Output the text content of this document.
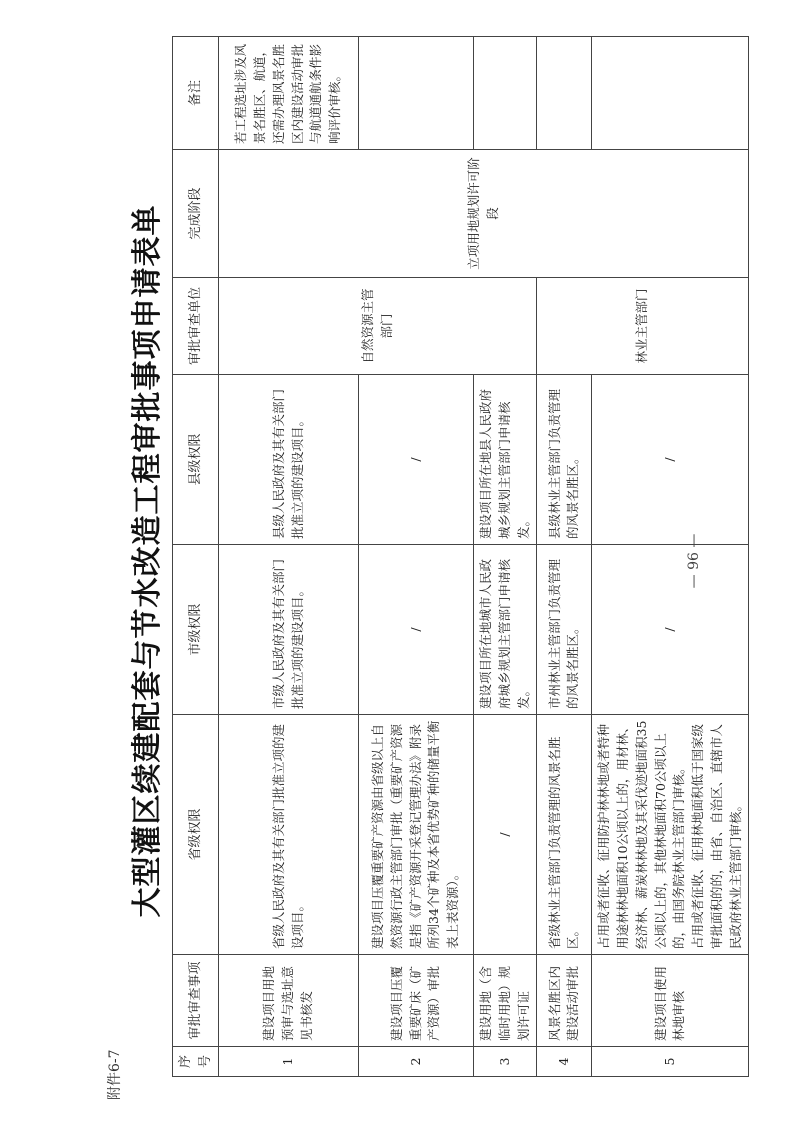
附件6-7
大型灌区续建配套与节水改造工程审批事项申请表单
序号	审批审查事项	省级权限	市级权限	县级权限	审批审查单位	完成阶段	备注
1	建设项目用地预审与选址意见书核发	省级人民政府及其有关部门批准立项的建设项目。	市级人民政府及其有关部门批准立项的建设项目。	县级人民政府及其有关部门批准立项的建设项目。	自然资源主管部门	立项用地规划许可阶段	若工程选址涉及风景名胜区、航道，还需办理风景名胜区内建设活动审批与航道通航条件影响评价审核。
2	建设项目压覆重要矿床（矿产资源）审批	建设项目压覆重要矿产资源由省级以上自然资源行政主管部门审批（重要矿产资源是指《矿产资源开采登记管理办法》附录所列34个矿种及本省优势矿种的储量平衡表上表资源）。	/	/			
3	建设用地（含临时用地）规划许可证	/	建设项目所在地城市人民政府城乡规划主管部门申请核发。	建设项目所在地县人民政府城乡规划主管部门申请核发。			
4	风景名胜区内建设活动审批	省级林业主管部门负责管理的风景名胜区。	市州林业主管部门负责管理的风景名胜区。	县级林业主管部门负责管理的风景名胜区。	林业主管部门		
5	建设项目使用林地审核	占用或者征收、征用防护林林地或者特种用途林林地面积10公顷以上的，用材林、经济林、薪炭林林地及其采伐迹地面积35公顷以上的，其他林地面积70公顷以上的，由国务院林业主管部门审核。 占用或者征收、征用林地面积低于国家级审批面积的的，由省、自治区、直辖市人民政府林业主管部门审核。	/	/			
— 96 —
